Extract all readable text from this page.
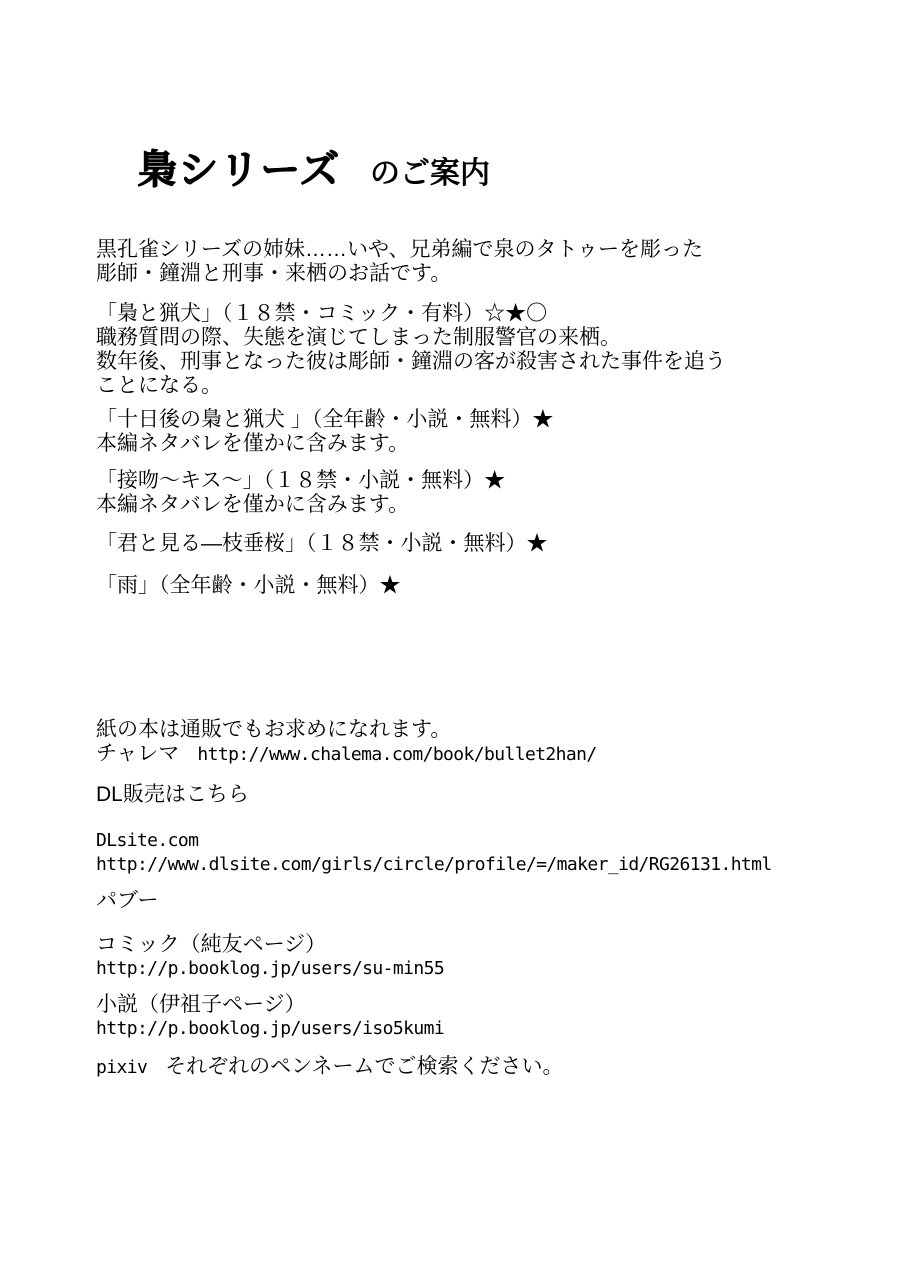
梟シリーズ のご案内
黒孔雀シリーズの姉妹……いや、兄弟編で泉のタトゥーを彫った
彫師・鐘淵と刑事・来栖のお話です。
「梟と猟犬」（１８禁・コミック・有料）☆★〇
職務質問の際、失態を演じてしまった制服警官の来栖。
数年後、刑事となった彼は彫師・鐘淵の客が殺害された事件を追う
ことになる。
「十日後の梟と猟犬 」（全年齢・小説・無料）★
本編ネタバレを僅かに含みます。
「接吻～キス～」（１８禁・小説・無料）★
本編ネタバレを僅かに含みます。
「君と見る―枝垂桜」（１８禁・小説・無料）★
「雨」（全年齢・小説・無料）★
紙の本は通販でもお求めになれます。
チャレマ http://www.chalema.com/book/bullet2han/
DL販売はこちら
DLsite.com
http://www.dlsite.com/girls/circle/profile/=/maker_id/RG26131.html
パブー
コミック（純友ページ）
http://p.booklog.jp/users/su-min55
小説（伊祖子ページ）
http://p.booklog.jp/users/iso5kumi
pixiv それぞれのペンネームでご検索ください。
